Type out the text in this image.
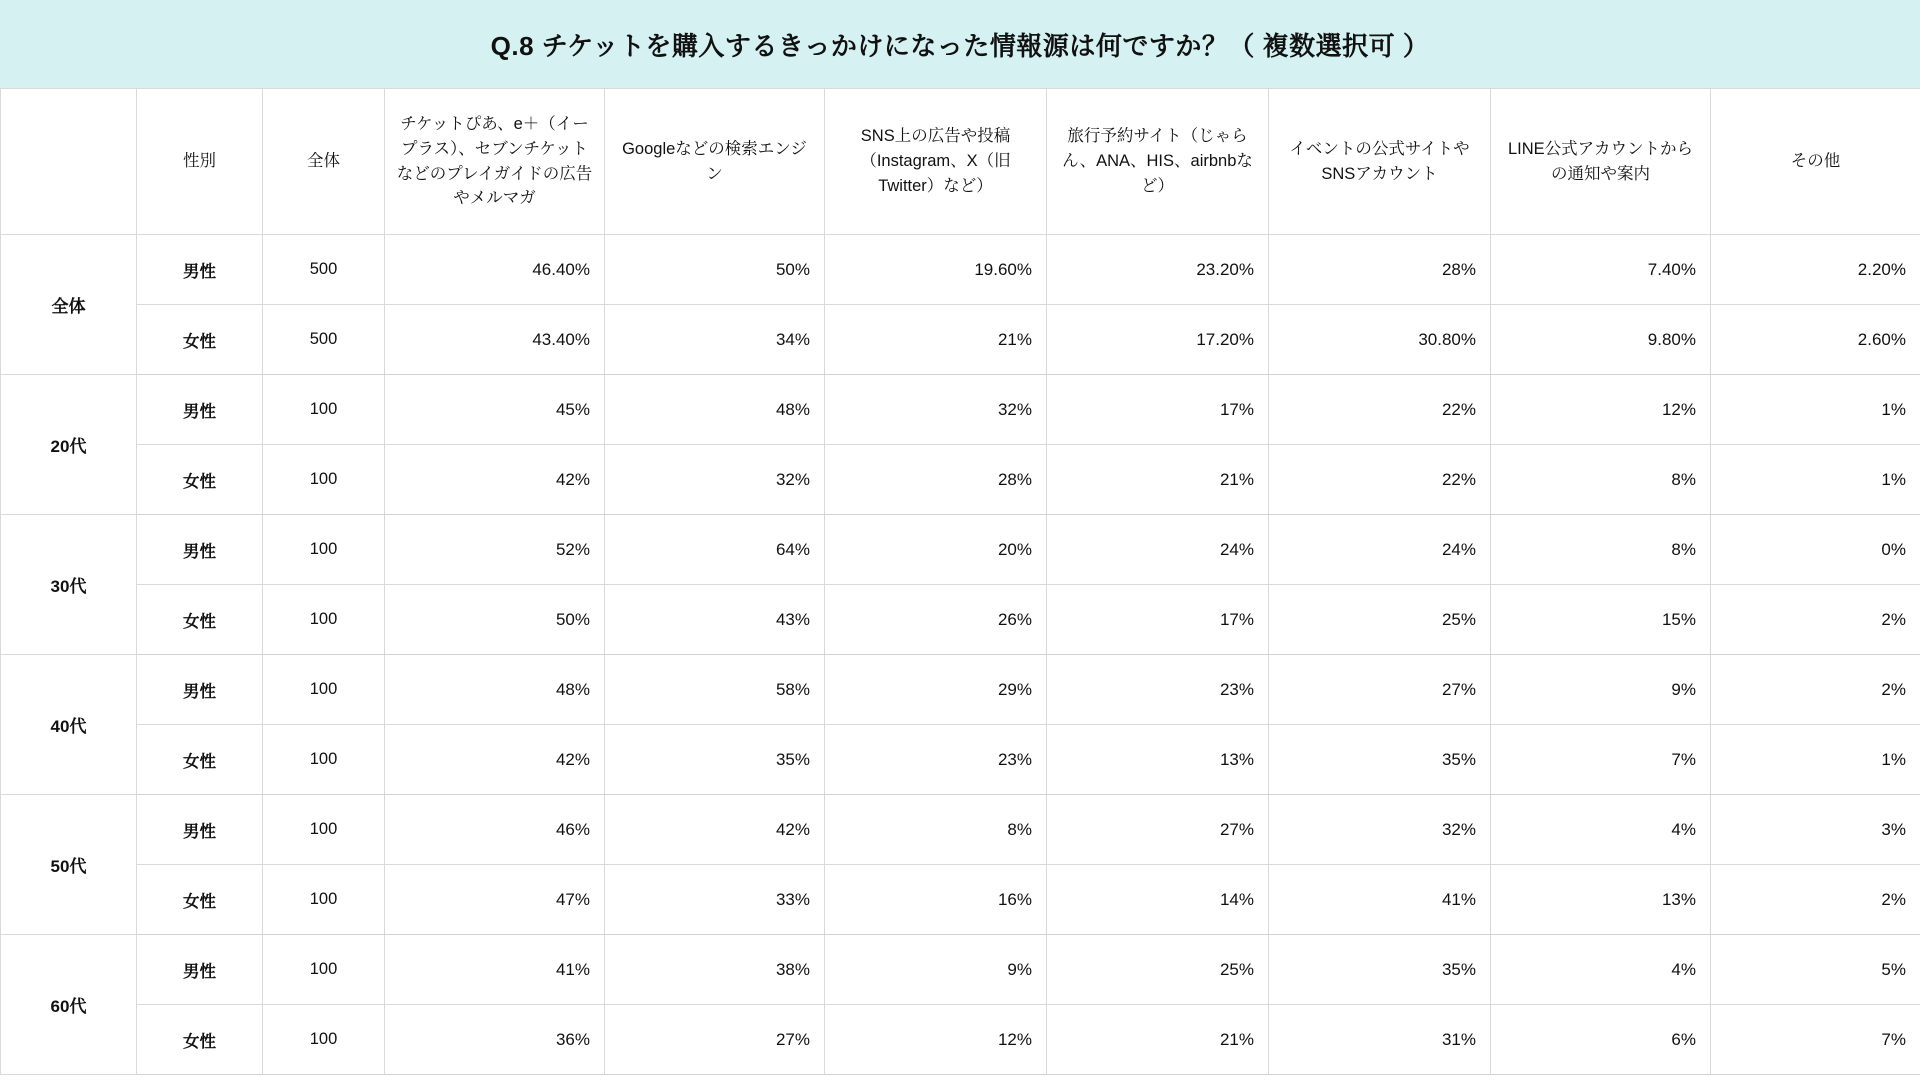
Q.8 チケットを購入するきっかけになった情報源は何ですか？（ 複数選択可 ）
	性別	全体	チケットぴあ、e＋（イープラス）、セブンチケットなどのプレイガイドの広告やメルマガ	Googleなどの検索エンジン	SNS上の広告や投稿（Instagram、X（旧Twitter）など）	旅行予約サイト（じゃらん、ANA、HIS、airbnbなど）	イベントの公式サイトやSNSアカウント	LINE公式アカウントからの通知や案内	その他
全体	男性	500	46.40%	50%	19.60%	23.20%	28%	7.40%	2.20%
	女性	500	43.40%	34%	21%	17.20%	30.80%	9.80%	2.60%
20代	男性	100	45%	48%	32%	17%	22%	12%	1%
	女性	100	42%	32%	28%	21%	22%	8%	1%
30代	男性	100	52%	64%	20%	24%	24%	8%	0%
	女性	100	50%	43%	26%	17%	25%	15%	2%
40代	男性	100	48%	58%	29%	23%	27%	9%	2%
	女性	100	42%	35%	23%	13%	35%	7%	1%
50代	男性	100	46%	42%	8%	27%	32%	4%	3%
	女性	100	47%	33%	16%	14%	41%	13%	2%
60代	男性	100	41%	38%	9%	25%	35%	4%	5%
	女性	100	36%	27%	12%	21%	31%	6%	7%
